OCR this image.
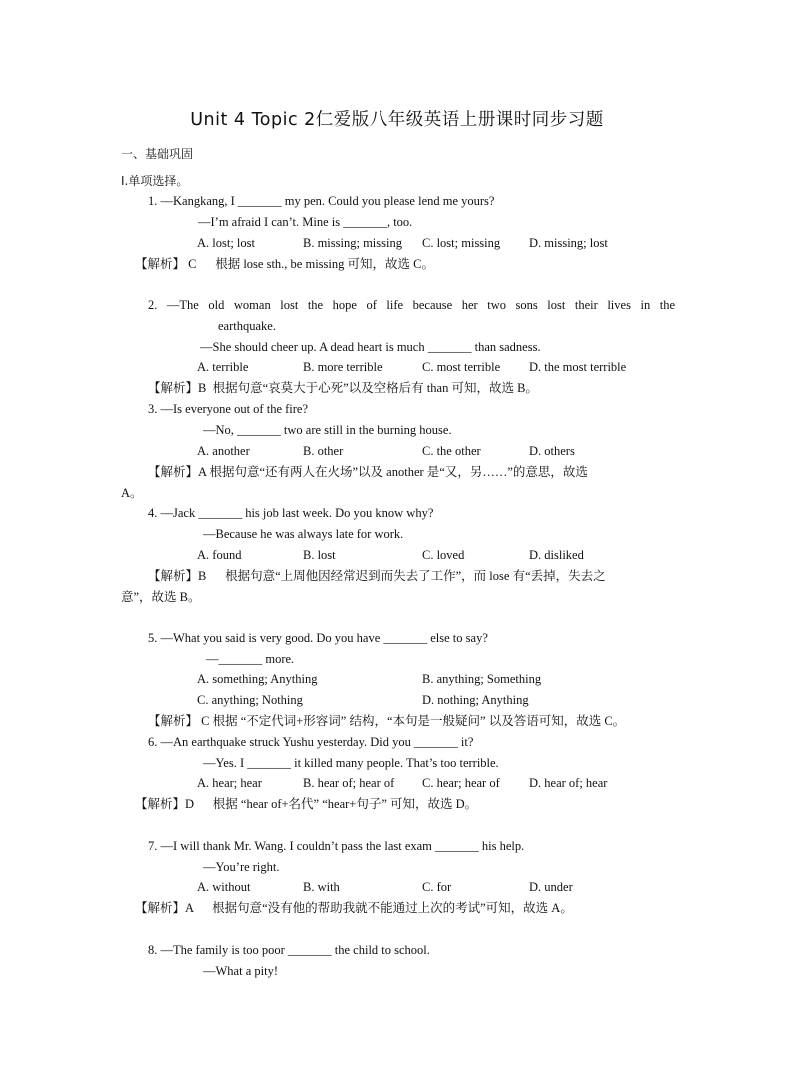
Unit 4 Topic 2仁爱版八年级英语上册课时同步习题
一、基础巩固
Ⅰ.单项选择。
1. —Kangkang, I _______ my pen. Could you please lend me yours?
—I’m afraid I can’t. Mine is _______, too.
A. lost; lost	B. missing; missing C. lost; missing D. missing; lost
【解析】 C      根据 lose sth., be missing 可知，故选 C。
2. —The old woman lost the hope of life because her two sons lost their lives in the
earthquake.
—She should cheer up. A dead heart is much _______ than sadness.
A. terrible	B. more terrible	C. most terrible D. the most terrible
【解析】B  根据句意“哀莫大于心死”以及空格后有 than 可知，故选 B。
3. —Is everyone out of the fire?
—No, _______ two are still in the burning house.
A. another	B. other	C. the other	D. others
【解析】A 根据句意“还有两人在火场”以及 another 是“又，另……”的意思，故选
A。
4. —Jack _______ his job last week. Do you know why?
—Because he was always late for work.
A. found	B. lost	C. loved	D. disliked
【解析】B      根据句意“上周他因经常迟到而失去了工作”，而 lose 有“丢掉，失去之
意”，故选 B。
5. —What you said is very good. Do you have _______ else to say?
—_______ more.
A. something; Anything	B. anything; Something
C. anything; Nothing	D. nothing; Anything
【解析】 C 根据 “不定代词+形容词” 结构，“本句是一般疑问” 以及答语可知，故选 C。
6. —An earthquake struck Yushu yesterday. Did you _______ it?
—Yes. I _______ it killed many people. That’s too terrible.
A. hear; hear	B. hear of; hear of C. hear; hear of D. hear of; hear
【解析】D      根据 “hear of+名代” “hear+句子” 可知，故选 D。
7. —I will thank Mr. Wang. I couldn’t pass the last exam _______ his help.
—You’re right.
A. without	B. with	C. for	D. under
【解析】A      根据句意“没有他的帮助我就不能通过上次的考试”可知，故选 A。
8. —The family is too poor _______ the child to school.
—What a pity!
